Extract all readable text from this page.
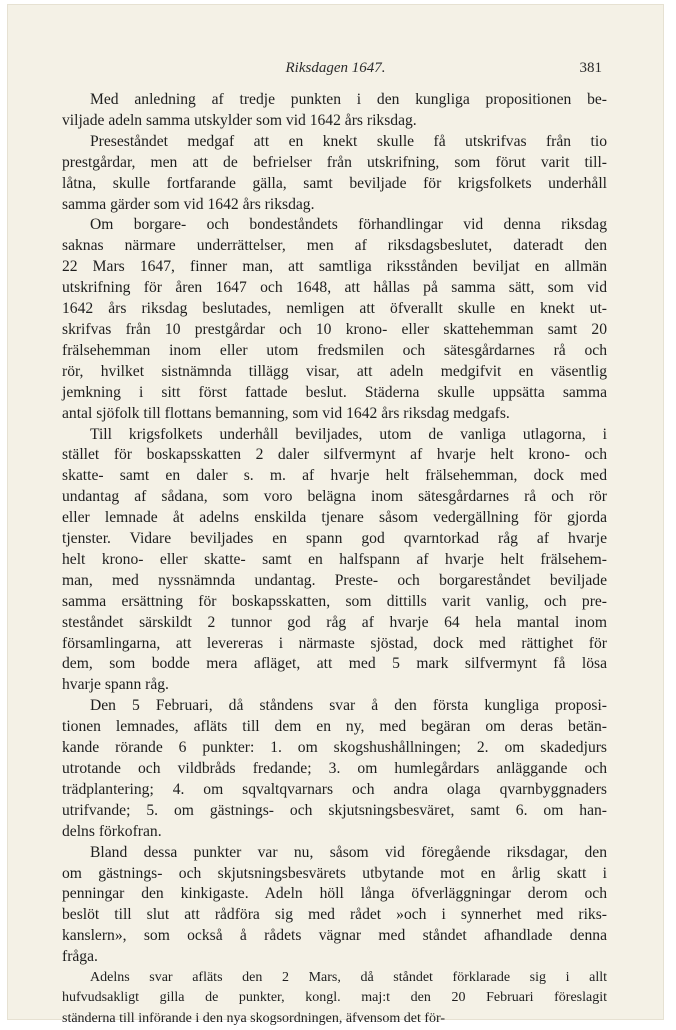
Riksdagen 1647.	381
Med anledning af tredje punkten i den kungliga propositionen be-
viljade adeln samma utskylder som vid 1642 års riksdag.
Preseståndet medgaf att en knekt skulle få utskrifvas från tio
prestgårdar, men att de befrielser från utskrifning, som förut varit till-
låtna, skulle fortfarande gälla, samt beviljade för krigsfolkets underhåll
samma gärder som vid 1642 års riksdag.
Om borgare- och bondeståndets förhandlingar vid denna riksdag
saknas närmare underrättelser, men af riksdagsbeslutet, dateradt den
22 Mars 1647, finner man, att samtliga riksstånden beviljat en allmän
utskrifning för åren 1647 och 1648, att hållas på samma sätt, som vid
1642 års riksdag beslutades, nemligen att öfverallt skulle en knekt ut-
skrifvas från 10 prestgårdar och 10 krono- eller skattehemman samt 20
frälsehemman inom eller utom fredsmilen och sätesgårdarnes rå och
rör, hvilket sistnämnda tillägg visar, att adeln medgifvit en väsentlig
jemkning i sitt först fattade beslut. Städerna skulle uppsätta samma
antal sjöfolk till flottans bemanning, som vid 1642 års riksdag medgafs.
Till krigsfolkets underhåll beviljades, utom de vanliga utlagorna, i
stället för boskapsskatten 2 daler silfvermynt af hvarje helt krono- och
skatte- samt en daler s. m. af hvarje helt frälsehemman, dock med
undantag af sådana, som voro belägna inom sätesgårdarnes rå och rör
eller lemnade åt adelns enskilda tjenare såsom vedergällning för gjorda
tjenster. Vidare beviljades en spann god qvarntorkad råg af hvarje
helt krono- eller skatte- samt en halfspann af hvarje helt frälsehem-
man, med nyssnämnda undantag. Preste- och borgareståndet beviljade
samma ersättning för boskapsskatten, som dittills varit vanlig, och pre-
steståndet särskildt 2 tunnor god råg af hvarje 64 hela mantal inom
församlingarna, att levereras i närmaste sjöstad, dock med rättighet för
dem, som bodde mera afläget, att med 5 mark silfvermynt få lösa
hvarje spann råg.
Den 5 Februari, då ståndens svar å den första kungliga proposi-
tionen lemnades, afläts till dem en ny, med begäran om deras betän-
kande rörande 6 punkter: 1. om skogshushållningen; 2. om skadedjurs
utrotande och vildbråds fredande; 3. om humlegårdars anläggande och
trädplantering; 4. om sqvaltqvarnars och andra olaga qvarnbyggnaders
utrifvande; 5. om gästnings- och skjutsningsbesväret, samt 6. om han-
delns förkofran.
Bland dessa punkter var nu, såsom vid föregående riksdagar, den
om gästnings- och skjutsningsbesvärets utbytande mot en årlig skatt i
penningar den kinkigaste. Adeln höll långa öfverläggningar derom och
beslöt till slut att rådföra sig med rådet »och i synnerhet med riks-
kanslern», som också å rådets vägnar med ståndet afhandlade denna
fråga.
Adelns svar afläts den 2 Mars, då ståndet förklarade sig i allt
hufvudsakligt gilla de punkter, kongl. maj:t den 20 Februari föreslagit
ständerna till införande i den nya skogsordningen, äfvensom det för-
